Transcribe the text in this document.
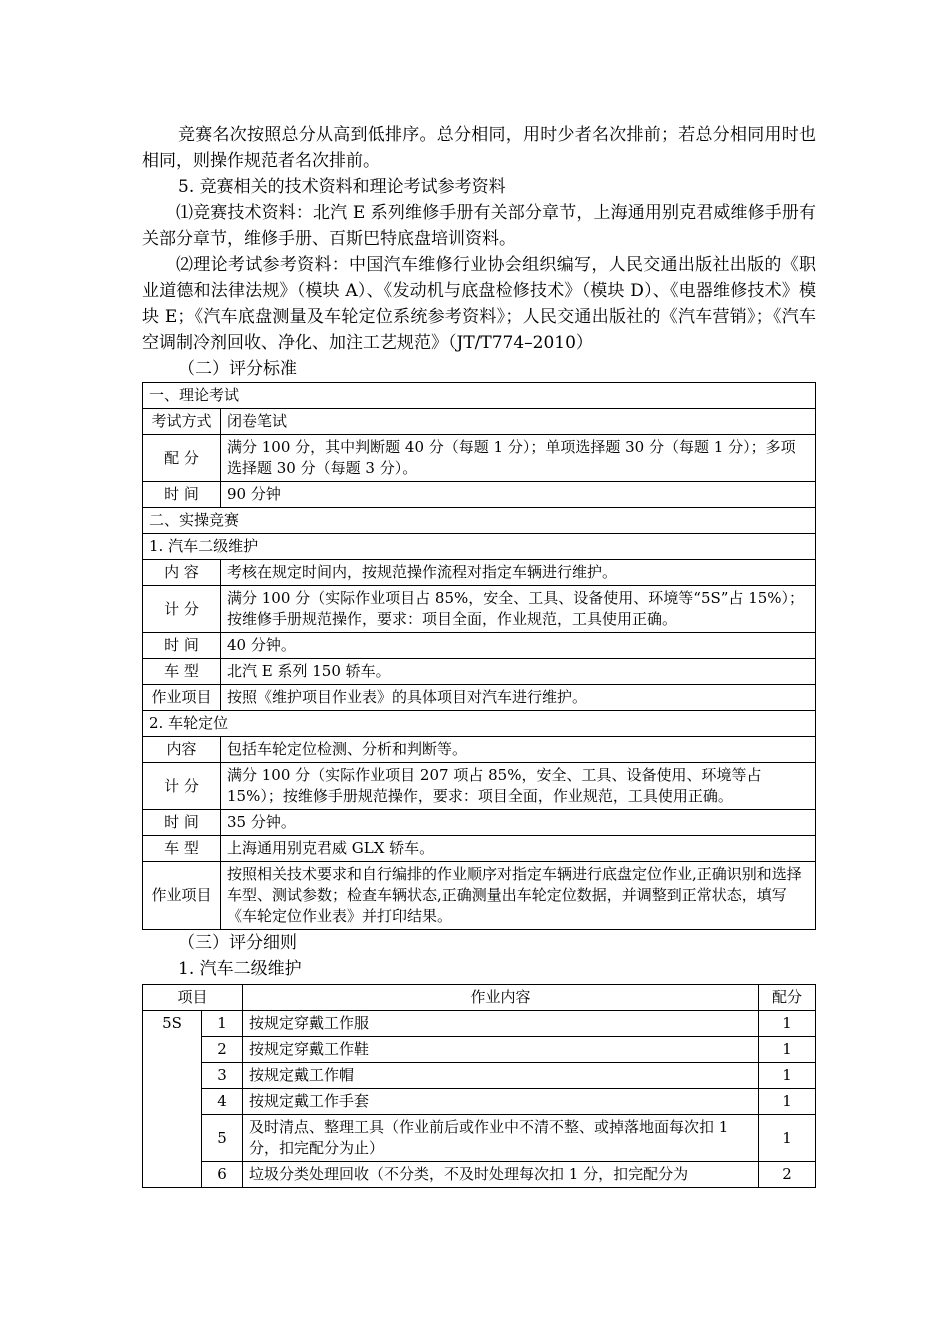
竞赛名次按照总分从高到低排序。总分相同，用时少者名次排前；若总分相同用时也相同，则操作规范者名次排前。

5. 竞赛相关的技术资料和理论考试参考资料

⑴竞赛技术资料：北汽 E 系列维修手册有关部分章节，上海通用别克君威维修手册有关部分章节，维修手册、百斯巴特底盘培训资料。

⑵理论考试参考资料：中国汽车维修行业协会组织编写，人民交通出版社出版的《职业道德和法律法规》（模块 A）、《发动机与底盘检修技术》（模块 D）、《电器维修技术》模块 E；《汽车底盘测量及车轮定位系统参考资料》；人民交通出版社的《汽车营销》；《汽车空调制冷剂回收、净化、加注工艺规范》（JT/T774–2010）

（二）评分标准
一、理论考试	
考试方式	闭卷笔试
配 分	满分 100 分，其中判断题 40 分（每题 1 分）；单项选择题 30 分（每题 1 分）；多项选择题 30 分（每题 3 分）。
时 间	90 分钟
二、实操竞赛	
1. 汽车二级维护	
内 容	考核在规定时间内，按规范操作流程对指定车辆进行维护。
计 分	满分 100 分（实际作业项目占 85%，安全、工具、设备使用、环境等“5S”占 15%）；按维修手册规范操作，要求：项目全面，作业规范，工具使用正确。
时 间	40 分钟。
车 型	北汽 E 系列 150 轿车。
作业项目	按照《维护项目作业表》的具体项目对汽车进行维护。
2. 车轮定位	
内容	包括车轮定位检测、分析和判断等。
计 分	满分 100 分（实际作业项目 207 项占 85%，安全、工具、设备使用、环境等占 15%）；按维修手册规范操作，要求：项目全面，作业规范，工具使用正确。
时 间	35 分钟。
车 型	上海通用别克君威 GLX 轿车。
作业项目	按照相关技术要求和自行编排的作业顺序对指定车辆进行底盘定位作业,正确识别和选择车型、测试参数；检查车辆状态,正确测量出车轮定位数据，并调整到正常状态，填写《车轮定位作业表》并打印结果。
（三）评分细则
1. 汽车二级维护
项目		作业内容	配分
5S	1	按规定穿戴工作服	1
	2	按规定穿戴工作鞋	1
	3	按规定戴工作帽	1
	4	按规定戴工作手套	1
	5	及时清点、整理工具（作业前后或作业中不清不整、或掉落地面每次扣 1 分，扣完配分为止）	1
	6	垃圾分类处理回收（不分类，不及时处理每次扣 1 分，扣完配分为	2
